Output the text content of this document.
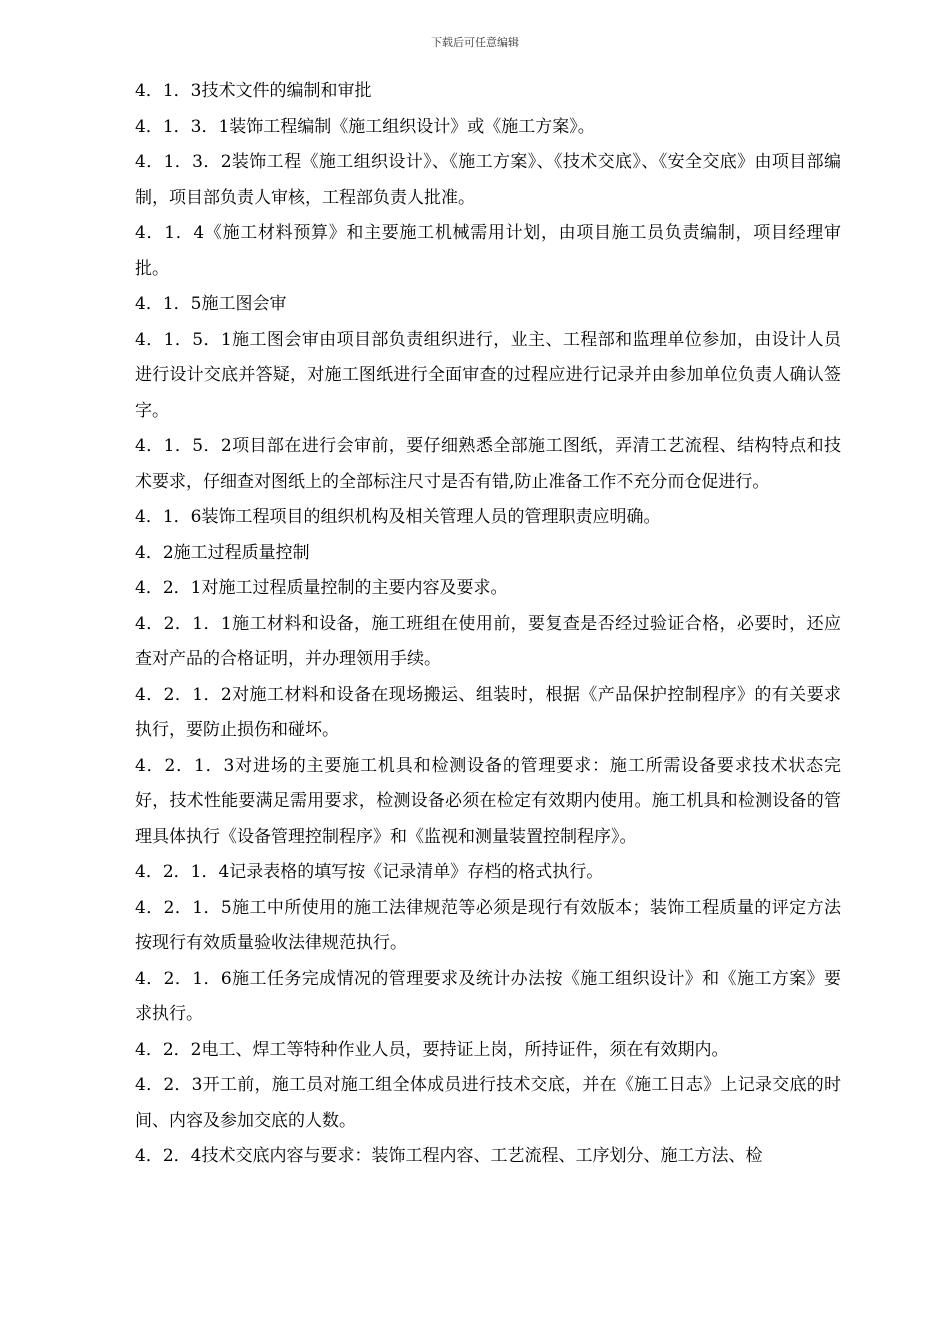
下载后可任意编辑

4．1．3技术文件的编制和审批

4．1．3．1装饰工程编制《施工组织设计》或《施工方案》。

4．1．3．2装饰工程《施工组织设计》、《施工方案》、《技术交底》、《安全交底》由项目部编制，项目部负责人审核，工程部负责人批准。

4．1．4《施工材料预算》和主要施工机械需用计划，由项目施工员负责编制，项目经理审批。

4．1．5施工图会审

4．1．5．1施工图会审由项目部负责组织进行，业主、工程部和监理单位参加，由设计人员进行设计交底并答疑，对施工图纸进行全面审查的过程应进行记录并由参加单位负责人确认签字。

4．1．5．2项目部在进行会审前，要仔细熟悉全部施工图纸，弄清工艺流程、结构特点和技术要求，仔细查对图纸上的全部标注尺寸是否有错,防止准备工作不充分而仓促进行。

4．1．6装饰工程项目的组织机构及相关管理人员的管理职责应明确。

4．2施工过程质量控制

4．2．1对施工过程质量控制的主要内容及要求。

4．2．1．1施工材料和设备，施工班组在使用前，要复查是否经过验证合格，必要时，还应查对产品的合格证明，并办理领用手续。

4．2．1．2对施工材料和设备在现场搬运、组装时，根据《产品保护控制程序》的有关要求执行，要防止损伤和碰坏。

4．2．1．3对进场的主要施工机具和检测设备的管理要求：施工所需设备要求技术状态完好，技术性能要满足需用要求，检测设备必须在检定有效期内使用。施工机具和检测设备的管理具体执行《设备管理控制程序》和《监视和测量装置控制程序》。

4．2．1．4记录表格的填写按《记录清单》存档的格式执行。

4．2．1．5施工中所使用的施工法律规范等必须是现行有效版本；装饰工程质量的评定方法按现行有效质量验收法律规范执行。

4．2．1．6施工任务完成情况的管理要求及统计办法按《施工组织设计》和《施工方案》要求执行。

4．2．2电工、焊工等特种作业人员，要持证上岗，所持证件，须在有效期内。

4．2．3开工前，施工员对施工组全体成员进行技术交底，并在《施工日志》上记录交底的时间、内容及参加交底的人数。

4．2．4技术交底内容与要求：装饰工程内容、工艺流程、工序划分、施工方法、检
